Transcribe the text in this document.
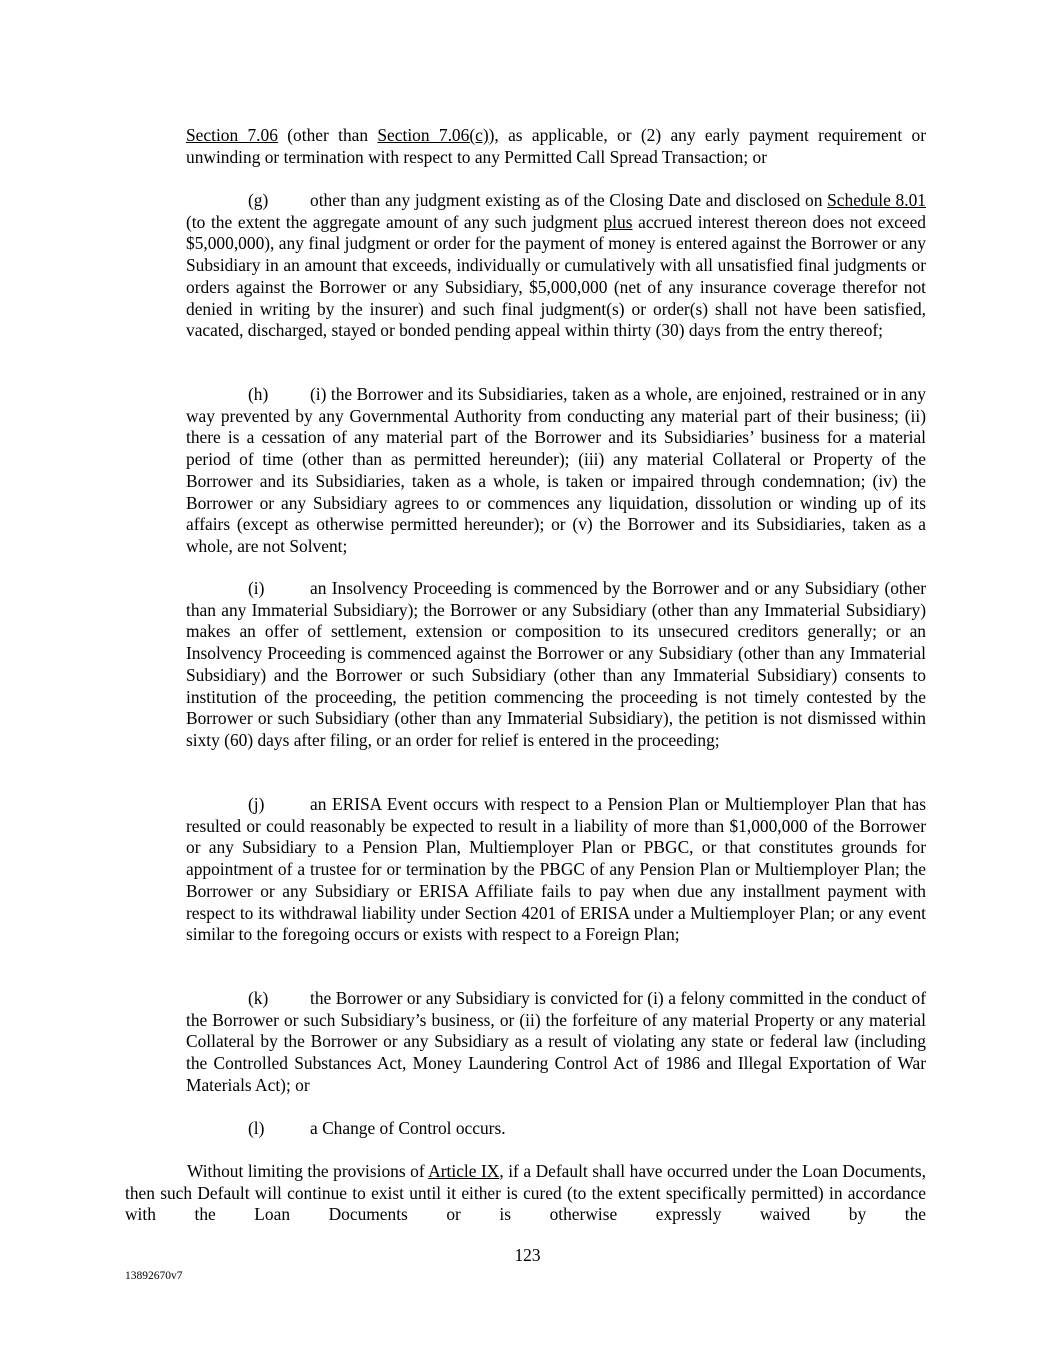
Section 7.06 (other than Section 7.06(c)), as applicable, or (2) any early payment requirement or unwinding or termination with respect to any Permitted Call Spread Transaction; or

(g) other than any judgment existing as of the Closing Date and disclosed on Schedule 8.01 (to the extent the aggregate amount of any such judgment plus accrued interest thereon does not exceed $5,000,000), any final judgment or order for the payment of money is entered against the Borrower or any Subsidiary in an amount that exceeds, individually or cumulatively with all unsatisfied final judgments or orders against the Borrower or any Subsidiary, $5,000,000 (net of any insurance coverage therefor not denied in writing by the insurer) and such final judgment(s) or order(s) shall not have been satisfied, vacated, discharged, stayed or bonded pending appeal within thirty (30) days from the entry thereof;

(h) (i) the Borrower and its Subsidiaries, taken as a whole, are enjoined, restrained or in any way prevented by any Governmental Authority from conducting any material part of their business; (ii) there is a cessation of any material part of the Borrower and its Subsidiaries’ business for a material period of time (other than as permitted hereunder); (iii) any material Collateral or Property of the Borrower and its Subsidiaries, taken as a whole, is taken or impaired through condemnation; (iv) the Borrower or any Subsidiary agrees to or commences any liquidation, dissolution or winding up of its affairs (except as otherwise permitted hereunder); or (v) the Borrower and its Subsidiaries, taken as a whole, are not Solvent;

(i)	an Insolvency Proceeding is commenced by the Borrower and or any Subsidiary (other than any Immaterial Subsidiary); the Borrower or any Subsidiary (other than any Immaterial Subsidiary) makes an offer of settlement, extension or composition to its unsecured creditors generally; or an Insolvency Proceeding is commenced against the Borrower or any Subsidiary (other than any Immaterial Subsidiary) and the Borrower or such Subsidiary (other than any Immaterial Subsidiary) consents to institution of the proceeding, the petition commencing the proceeding is not timely contested by the Borrower or such Subsidiary (other than any Immaterial Subsidiary), the petition is not dismissed within sixty (60) days after filing, or an order for relief is entered in the proceeding;

(j)	an ERISA Event occurs with respect to a Pension Plan or Multiemployer Plan that has resulted or could reasonably be expected to result in a liability of more than $1,000,000 of the Borrower or any Subsidiary to a Pension Plan, Multiemployer Plan or PBGC, or that constitutes grounds for appointment of a trustee for or termination by the PBGC of any Pension Plan or Multiemployer Plan; the Borrower or any Subsidiary or ERISA Affiliate fails to pay when due any installment payment with respect to its withdrawal liability under Section 4201 of ERISA under a Multiemployer Plan; or any event similar to the foregoing occurs or exists with respect to a Foreign Plan;

(k) the Borrower or any Subsidiary is convicted for (i) a felony committed in the conduct of the Borrower or such Subsidiary’s business, or (ii) the forfeiture of any material Property or any material Collateral by the Borrower or any Subsidiary as a result of violating any state or federal law (including the Controlled Substances Act, Money Laundering Control Act of 1986 and Illegal Exportation of War Materials Act); or

(l)	a Change of Control occurs.

Without limiting the provisions of Article IX, if a Default shall have occurred under the Loan Documents, then such Default will continue to exist until it either is cured (to the extent specifically permitted) in accordance with the Loan Documents or is otherwise expressly waived by the

123
13892670v7
